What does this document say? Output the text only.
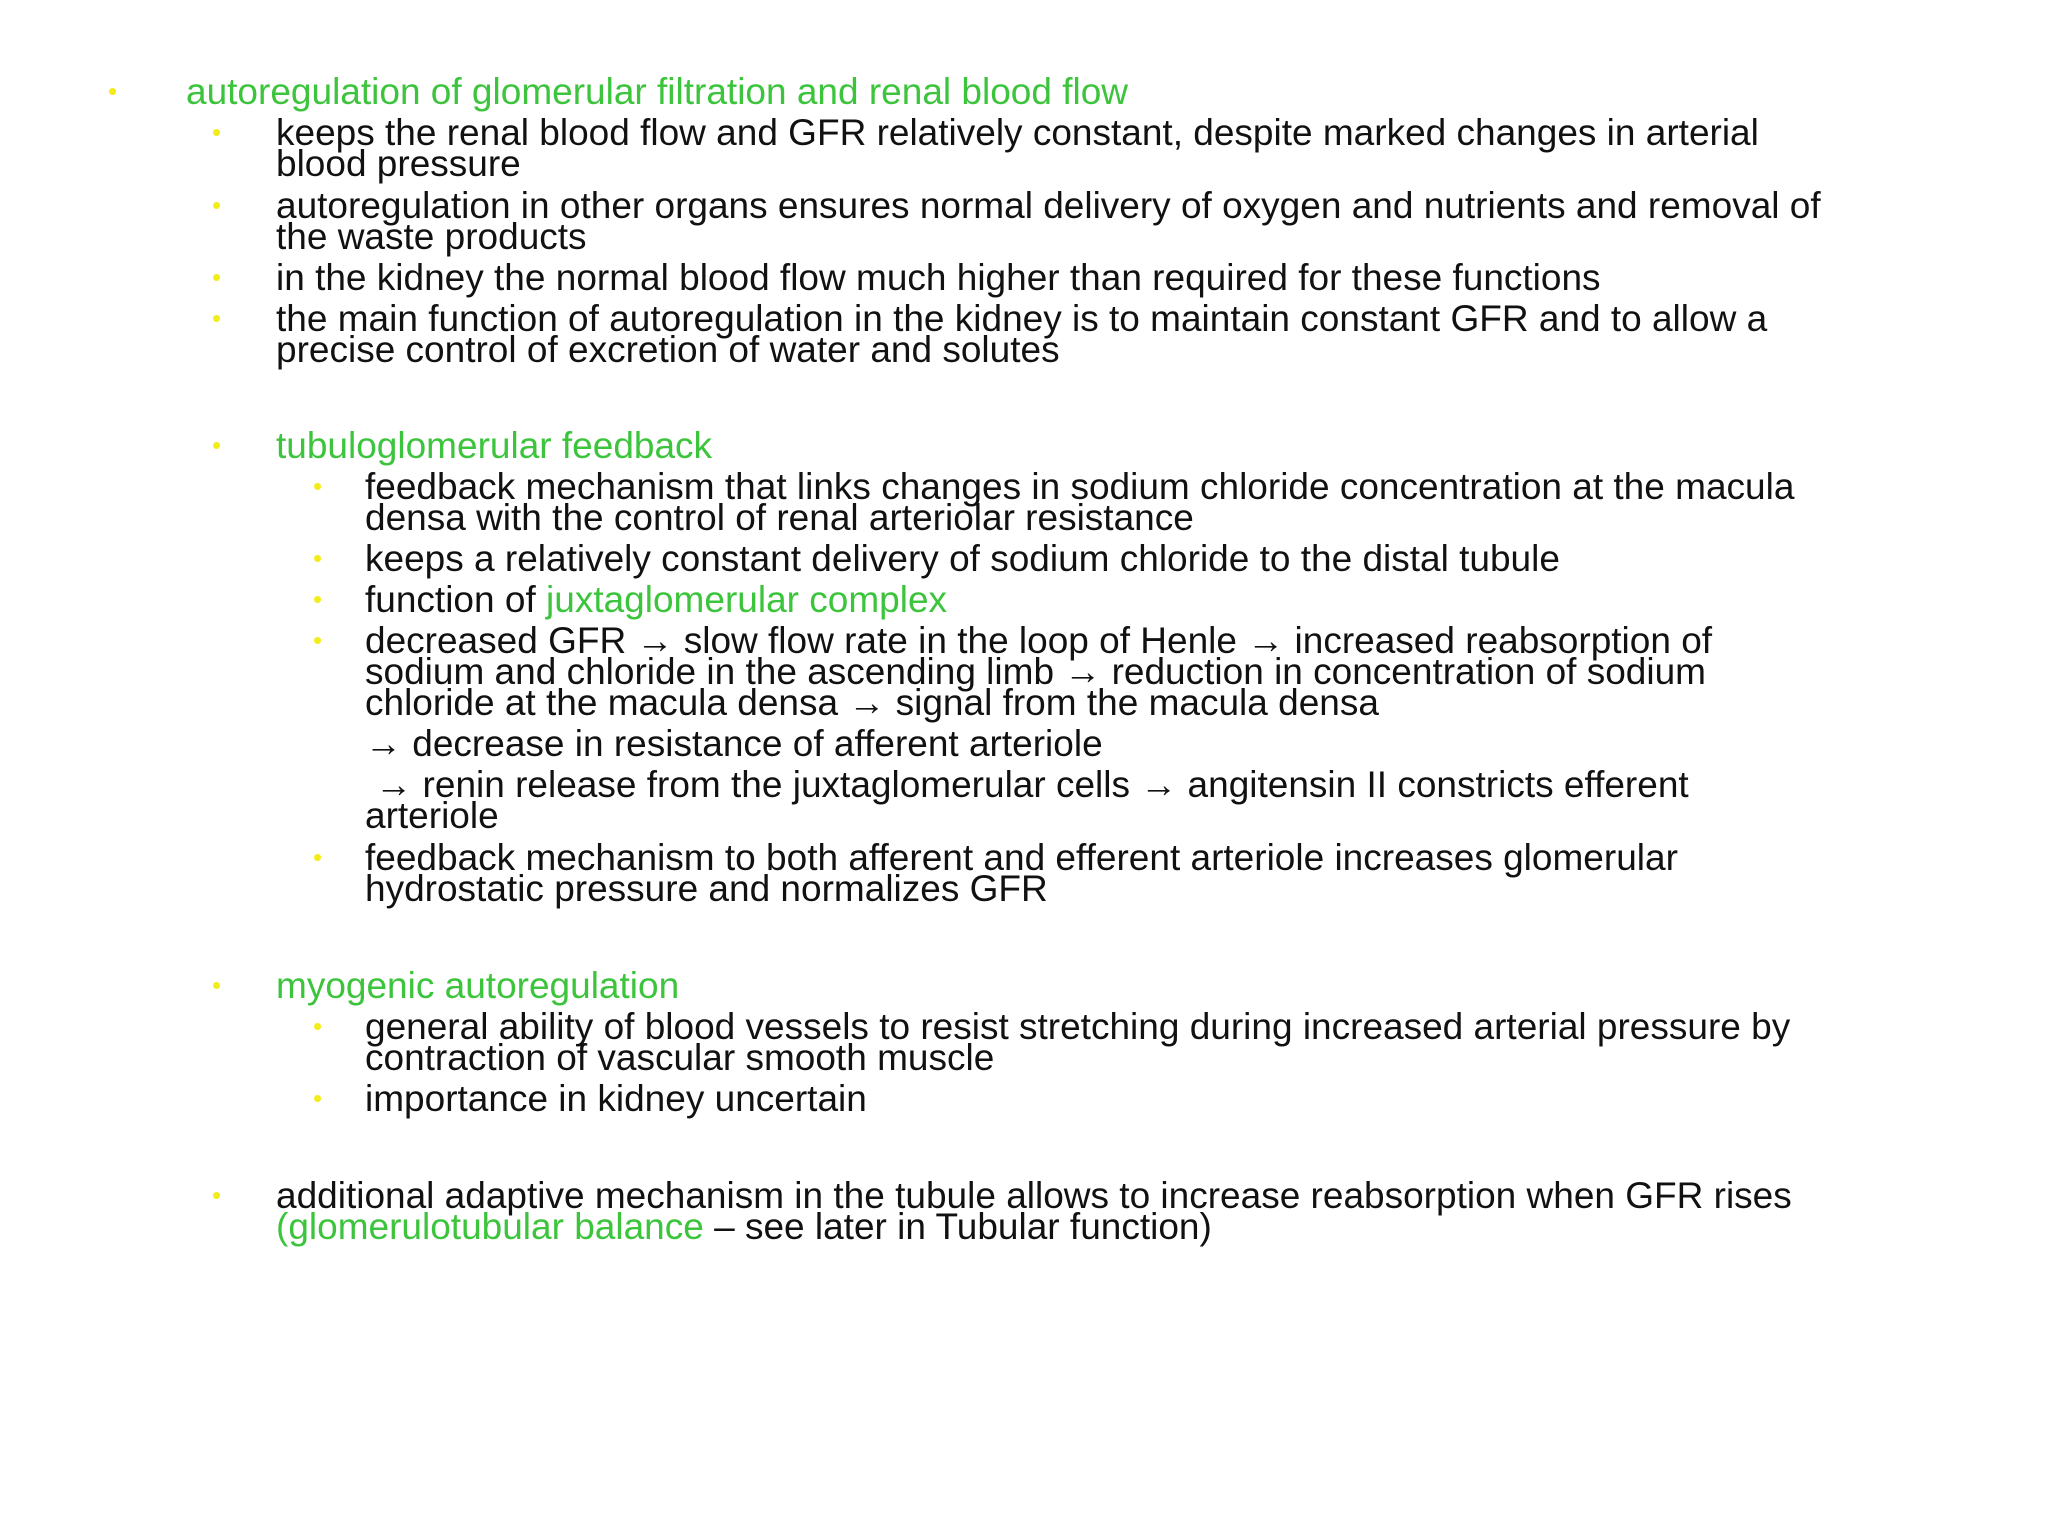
• autoregulation of glomerular filtration and renal blood flow
• keeps the renal blood flow and GFR relatively constant, despite marked changes in arterial
blood pressure
• autoregulation in other organs ensures normal delivery of oxygen and nutrients and removal of
the waste products
• in the kidney the normal blood flow much higher than required for these functions
• the main function of autoregulation in the kidney is to maintain constant GFR and to allow a
precise control of excretion of water and solutes
• tubuloglomerular feedback
• feedback mechanism that links changes in sodium chloride concentration at the macula
densa with the control of renal arteriolar resistance
• keeps a relatively constant delivery of sodium chloride to the distal tubule
• function of juxtaglomerular complex
• decreased GFR → slow flow rate in the loop of Henle → increased reabsorption of
sodium and chloride in the ascending limb → reduction in concentration of sodium
chloride at the macula densa → signal from the macula densa
→ decrease in resistance of afferent arteriole
→ renin release from the juxtaglomerular cells → angitensin II constricts efferent
arteriole
• feedback mechanism to both afferent and efferent arteriole increases glomerular
hydrostatic pressure and normalizes GFR
• myogenic autoregulation
• general ability of blood vessels to resist stretching during increased arterial pressure by
contraction of vascular smooth muscle
• importance in kidney uncertain
• additional adaptive mechanism in the tubule allows to increase reabsorption when GFR rises
(glomerulotubular balance – see later in Tubular function)
